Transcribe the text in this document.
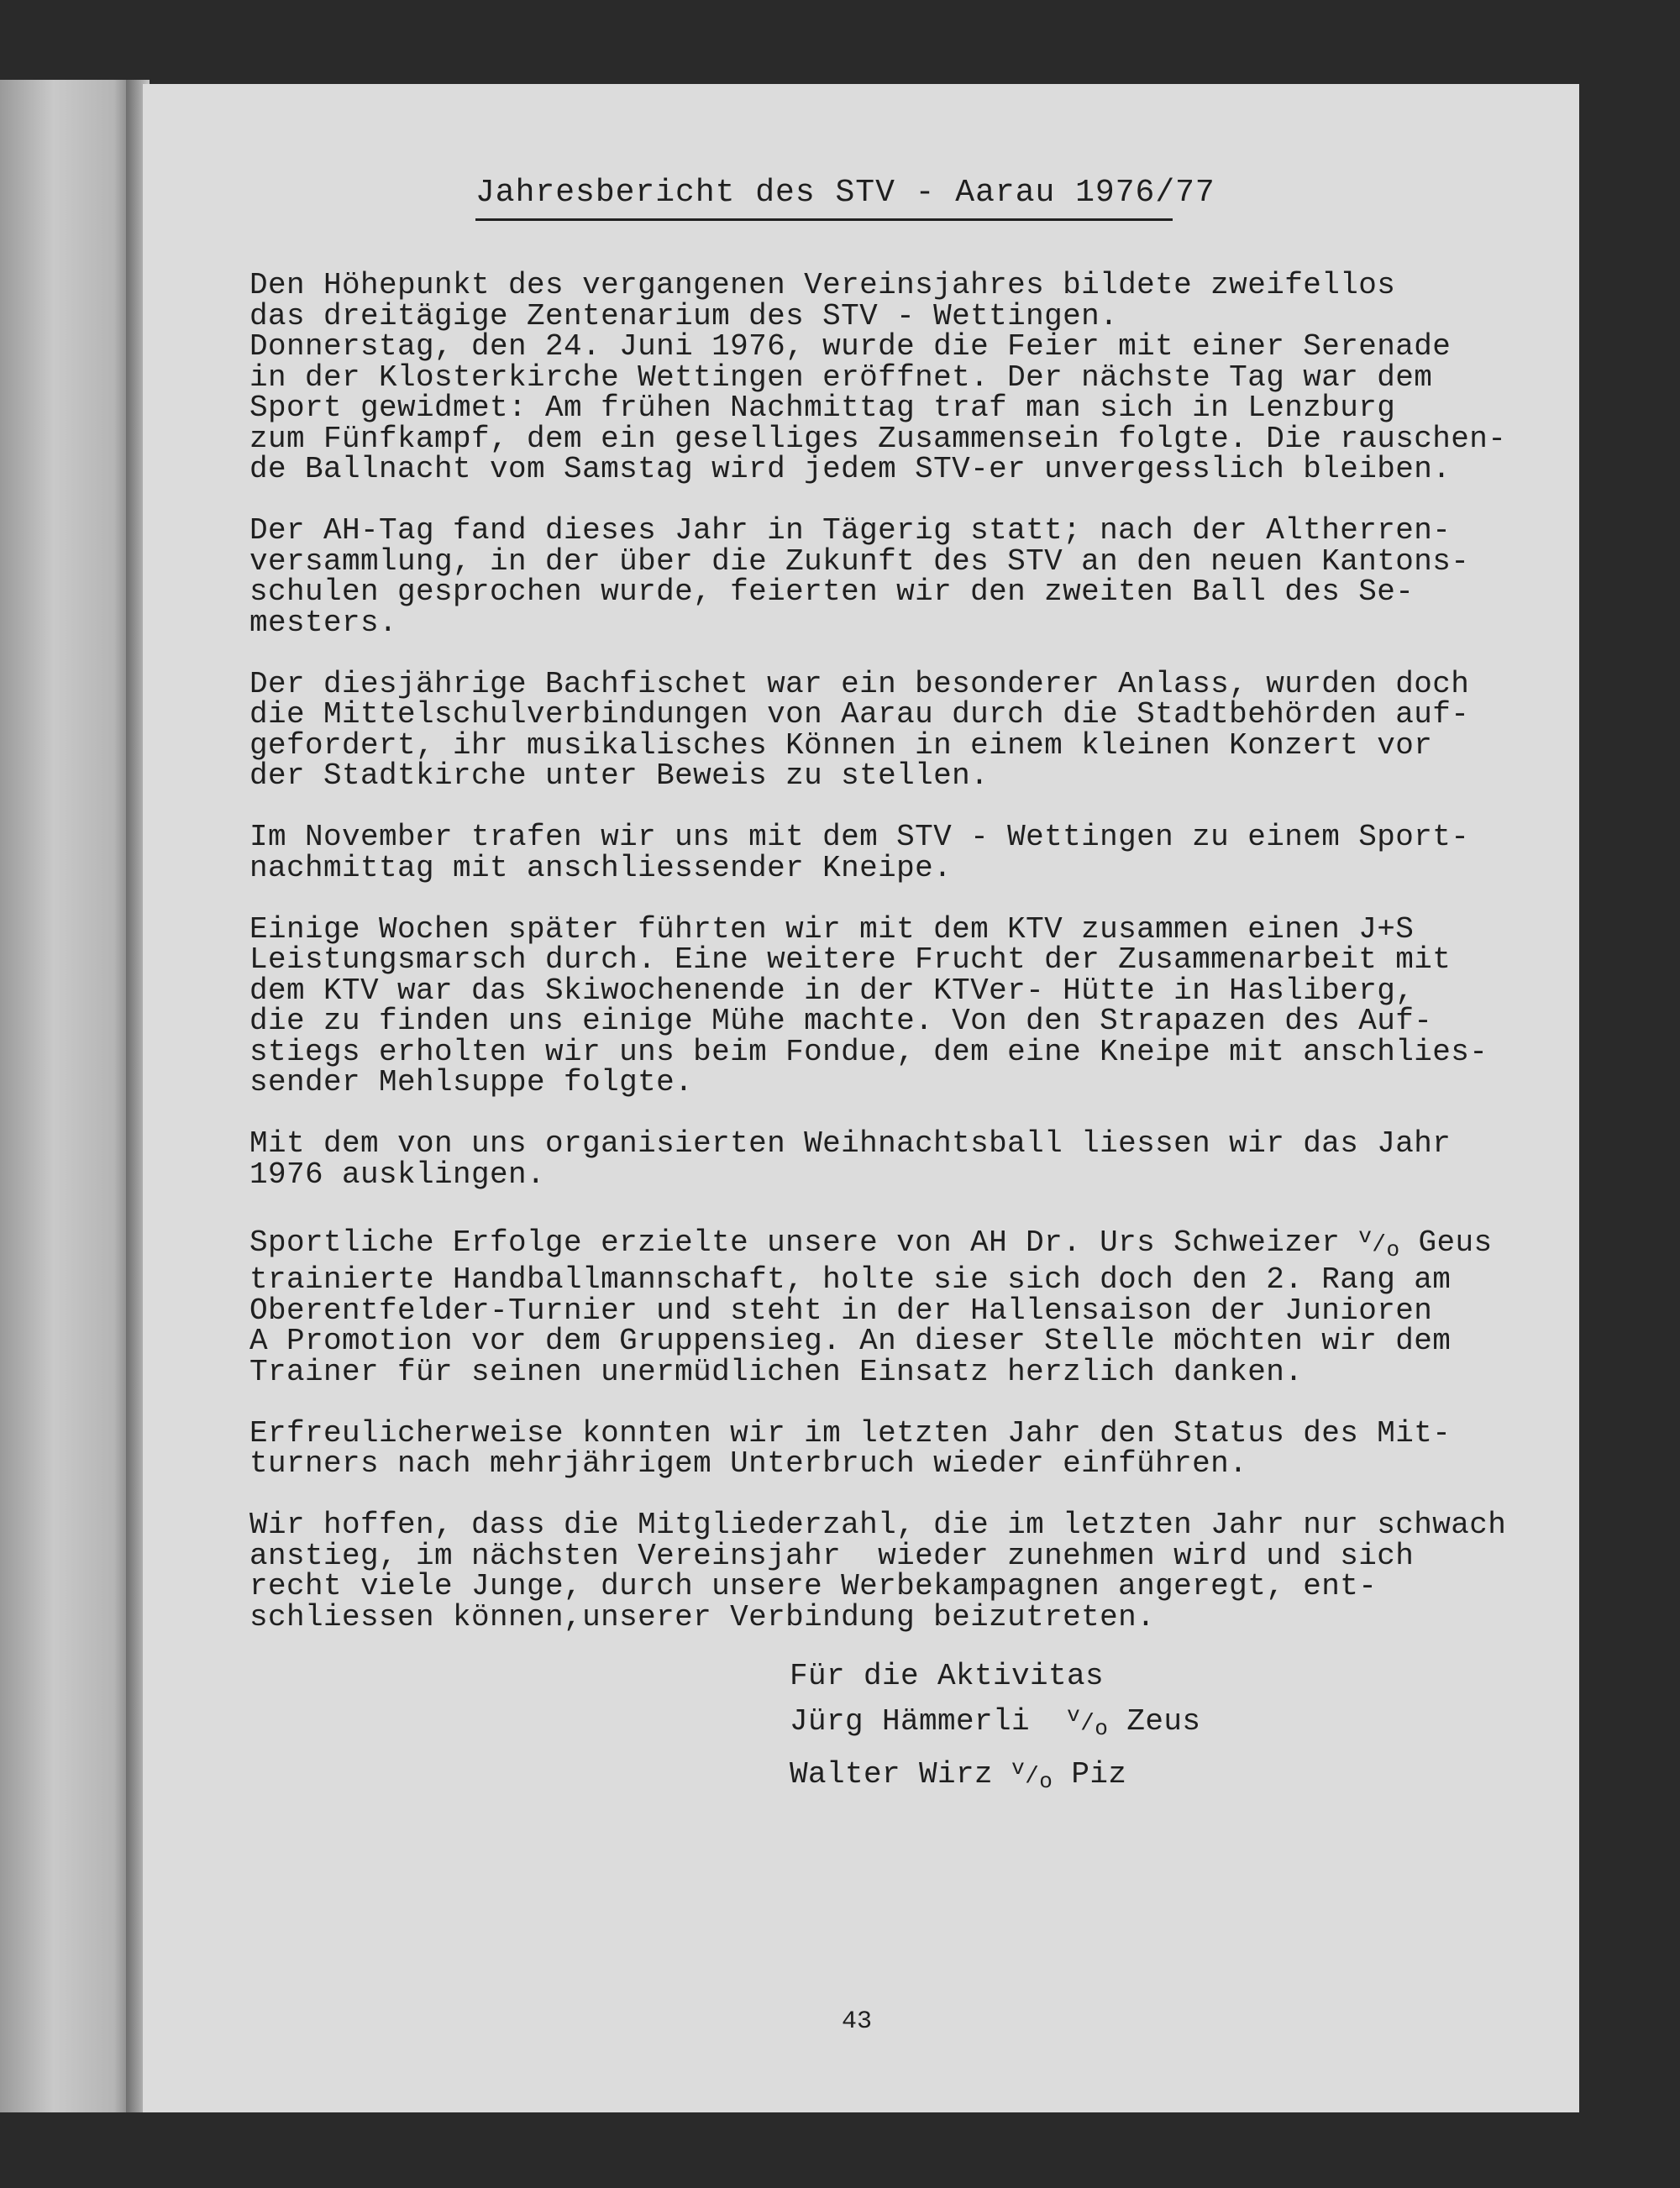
Jahresbericht des STV - Aarau 1976/77
Den Höhepunkt des vergangenen Vereinsjahres bildete zweifellos
das dreitägige Zentenarium des STV - Wettingen.
Donnerstag, den 24. Juni 1976, wurde die Feier mit einer Serenade
in der Klosterkirche Wettingen eröffnet. Der nächste Tag war dem
Sport gewidmet: Am frühen Nachmittag traf man sich in Lenzburg
zum Fünfkampf, dem ein geselliges Zusammensein folgte. Die rauschen-
de Ballnacht vom Samstag wird jedem STV-er unvergesslich bleiben.
Der AH-Tag fand dieses Jahr in Tägerig statt; nach der Altherren-
versammlung, in der über die Zukunft des STV an den neuen Kantons-
schulen gesprochen wurde, feierten wir den zweiten Ball des Se-
mesters.
Der diesjährige Bachfischet war ein besonderer Anlass, wurden doch
die Mittelschulverbindungen von Aarau durch die Stadtbehörden auf-
gefordert, ihr musikalisches Können in einem kleinen Konzert vor
der Stadtkirche unter Beweis zu stellen.
Im November trafen wir uns mit dem STV - Wettingen zu einem Sport-
nachmittag mit anschliessender Kneipe.
Einige Wochen später führten wir mit dem KTV zusammen einen J+S
Leistungsmarsch durch. Eine weitere Frucht der Zusammenarbeit mit
dem KTV war das Skiwochenende in der KTVer- Hütte in Hasliberg,
die zu finden uns einige Mühe machte. Von den Strapazen des Auf-
stiegs erholten wir uns beim Fondue, dem eine Kneipe mit anschlies-
sender Mehlsuppe folgte.
Mit dem von uns organisierten Weihnachtsball liessen wir das Jahr
1976 ausklingen.
Sportliche Erfolge erzielte unsere von AH Dr. Urs Schweizer $^v/_o$ Geus
trainierte Handballmannschaft, holte sie sich doch den 2. Rang am
Oberentfelder-Turnier und steht in der Hallensaison der Junioren
A Promotion vor dem Gruppensieg. An dieser Stelle möchten wir dem
Trainer für seinen unermüdlichen Einsatz herzlich danken.
Erfreulicherweise konnten wir im letzten Jahr den Status des Mit-
turners nach mehrjährigem Unterbruch wieder einführen.
Wir hoffen, dass die Mitgliederzahl, die im letzten Jahr nur schwach
anstieg, im nächsten Vereinsjahr  wieder zunehmen wird und sich
recht viele Junge, durch unsere Werbekampagnen angeregt, ent-
schliessen können,unserer Verbindung beizutreten.
Für die Aktivitas
Jürg Hämmerli $^v/_o$ Zeus
Walter Wirz $^v/_o$ Piz
43
